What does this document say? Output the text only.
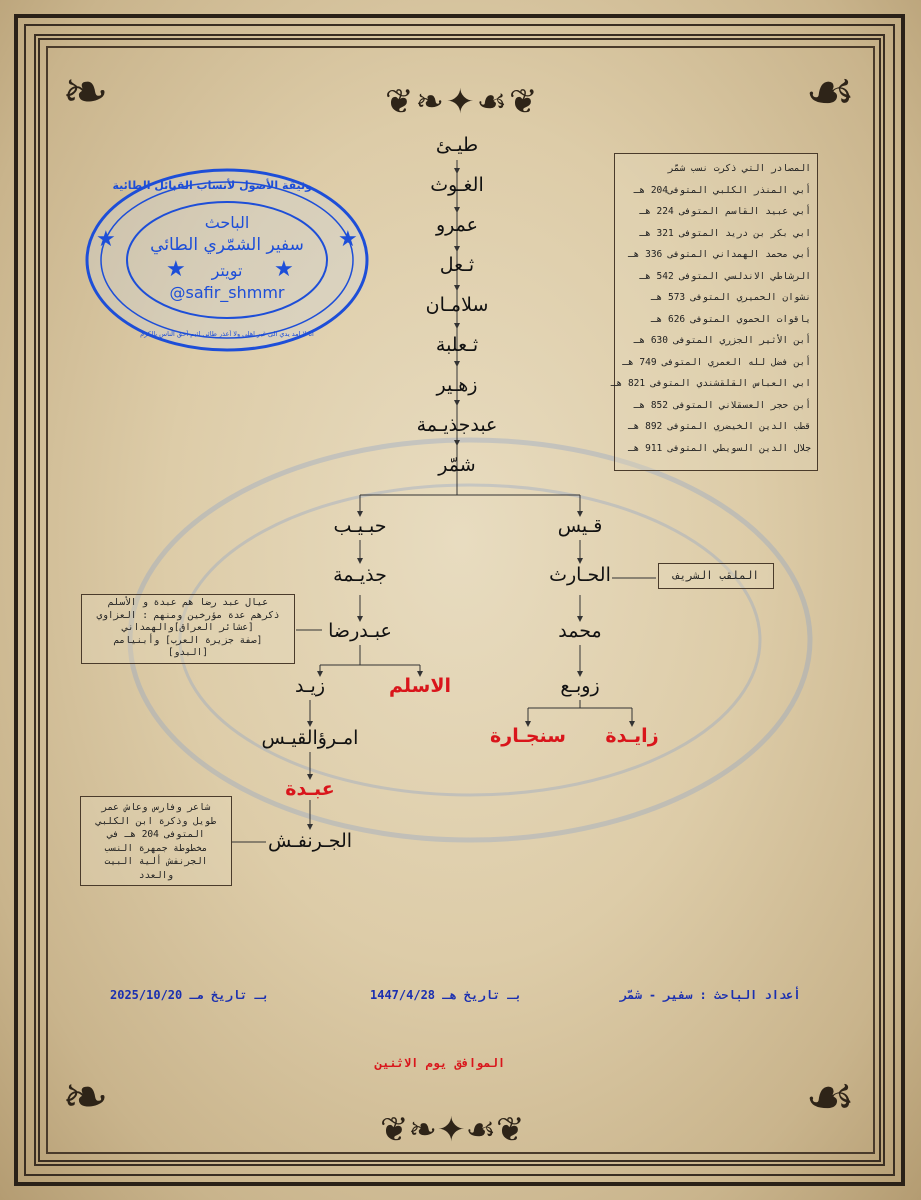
❦❧✦☙❦
❦❧✦☙❦
❧	☙
❧	☙
طيـئ
الغـوث
عمرو
ثـعل
سلامـان
ثـعلبة
زهـير
عبدجذيـمة
شمّر
قـيس
الحـارث
محمد
زوبـع
زايـدة
سنجـارة
حبـيـب
جذيـمة
عبـدرضا
الاسلم
زيـد
امـرؤالقيـس
عبـدة
الجـرنفـش
المصادر التي ذكرت نسب شمّر
أبي المنذر الكلبي المتوفى204 هـ
أبي عبيد القاسم المتوفى 224 هـ
ابي بكر بن دريد المتوفى 321 هـ
أبي محمد الهمداني المتوفى 336 هـ
الرشاطي الاندلسي المتوفى 542 هـ
نشوان الحميري المتوفى 573 هـ
ياقوات الحموي المتوفى 626 هـ
أبن الأثير الجزري المتوفى 630 هـ
أبن فضل لله العمري المتوفى 749 هـ
ابي العباس القلقشندي المتوفى 821 هـ
أبن حجر العسقلاني المتوفى 852 هـ
قطب الدين الخيضري المتوفى 892 هـ
جلال الدين السويطي المتوفى 911 هـ
الملقب الشريف
عيال عبد رضا هم عبدة و الأسلم
ذكرهم عدة مؤرخين ومنهم : العزاوي
[عشائر العراق]والهمداني
[صفة جزيرة العرب] وأبنيامم
[البدو]
شاعر وفارس وعاش عمر
طويل وذكرة ابن الكلبي
المتوفى 204 هـ في
مخطوطة جمهرة النسب
الجرنفش ألية البيت
والعدد
وثيقة الأصول لأنساب القبائل الطائية
انا لا امد يدي الى غير اهلي ولا أعذر طائي لئيم أحق الناس بالكرم
الباحث
سفير الشمّري الطائي
تويتر
@safir_shmmr
★	★
★	★
أعداد الباحث : سفير - شمّر
بـ تاريخ هـ 1447/4/28
بـ تاريخ مـ 2025/10/20
الموافق يوم الاثنين
